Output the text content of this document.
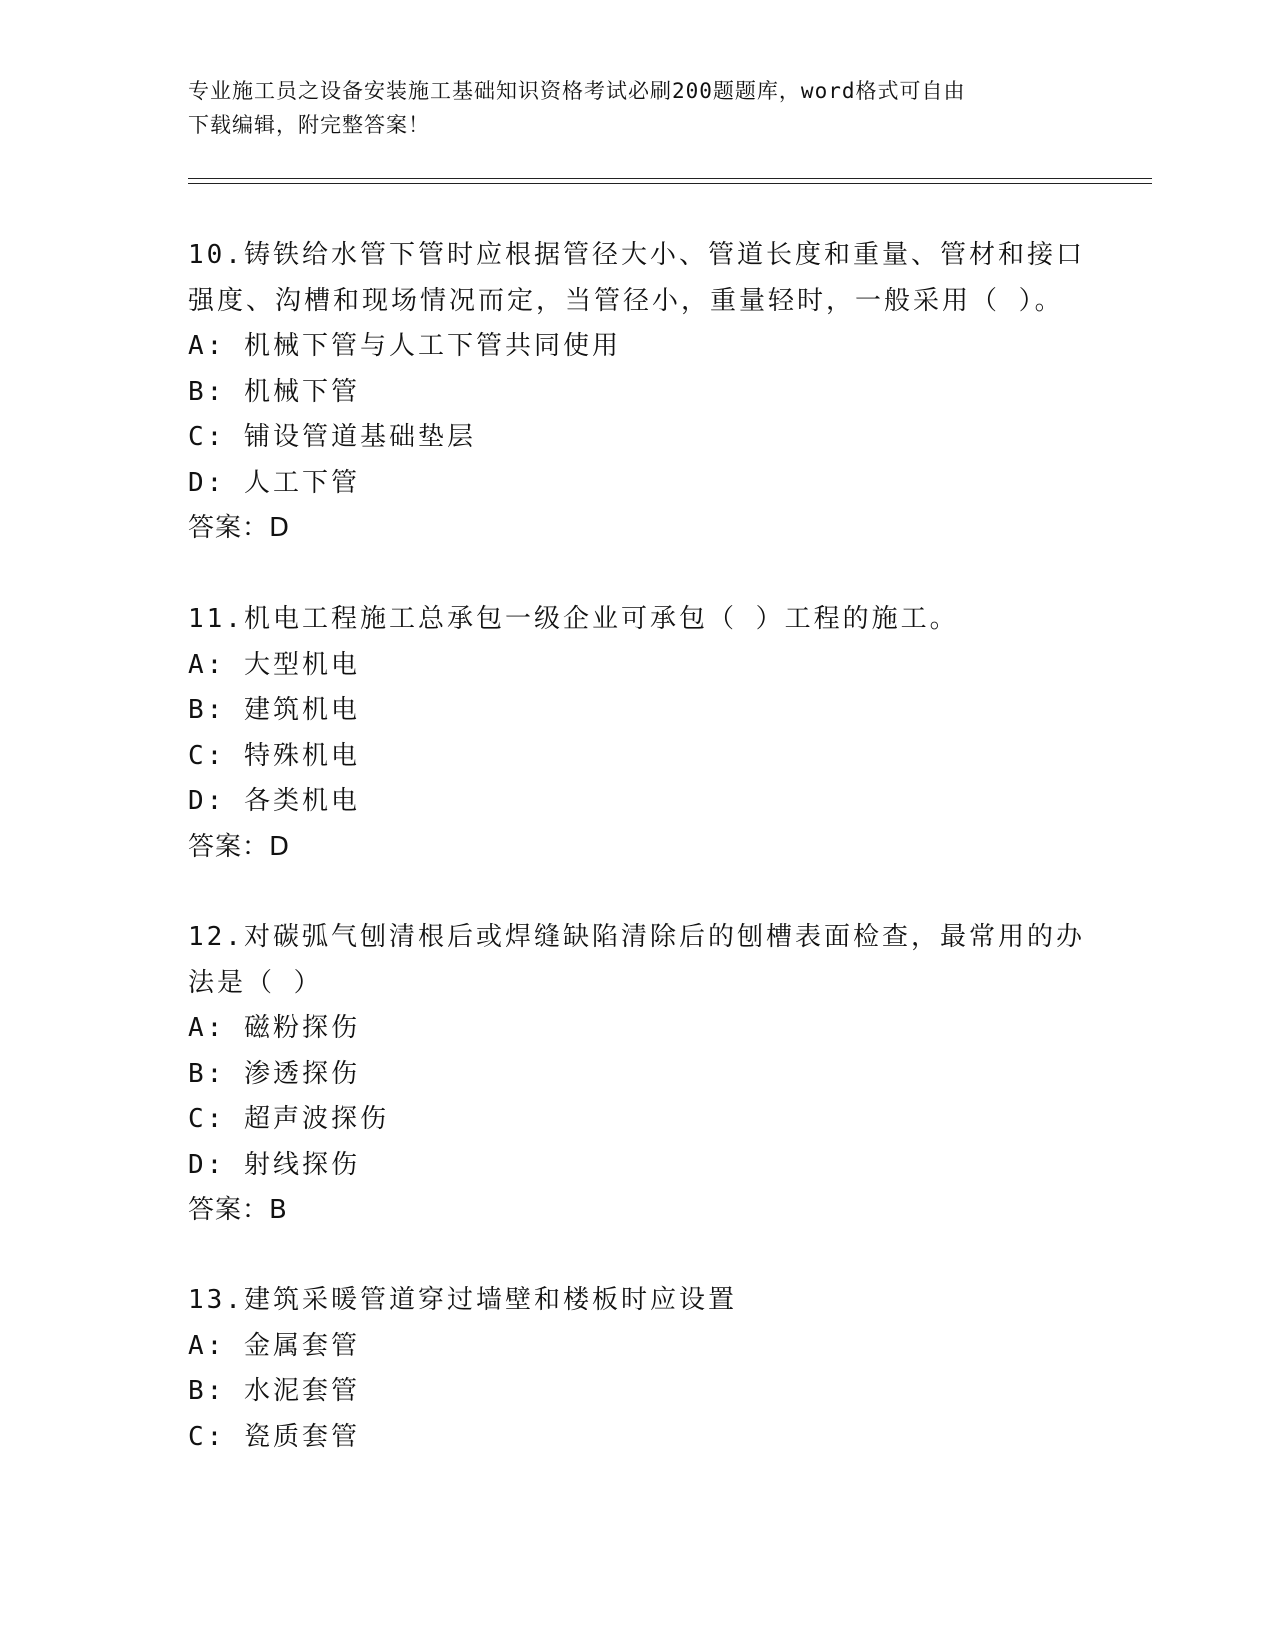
专业施工员之设备安装施工基础知识资格考试必刷200题题库，word格式可自由
下载编辑，附完整答案！
10.铸铁给水管下管时应根据管径大小、管道长度和重量、管材和接口
强度、沟槽和现场情况而定，当管径小，重量轻时，一般采用（ ）。
A: 机械下管与人工下管共同使用
B: 机械下管
C: 铺设管道基础垫层
D: 人工下管
答案：D
11.机电工程施工总承包一级企业可承包（ ）工程的施工。
A: 大型机电
B: 建筑机电
C: 特殊机电
D: 各类机电
答案：D
12.对碳弧气刨清根后或焊缝缺陷清除后的刨槽表面检查，最常用的办
法是（ ）
A: 磁粉探伤
B: 渗透探伤
C: 超声波探伤
D: 射线探伤
答案：B
13.建筑采暖管道穿过墙壁和楼板时应设置
A: 金属套管
B: 水泥套管
C: 瓷质套管
